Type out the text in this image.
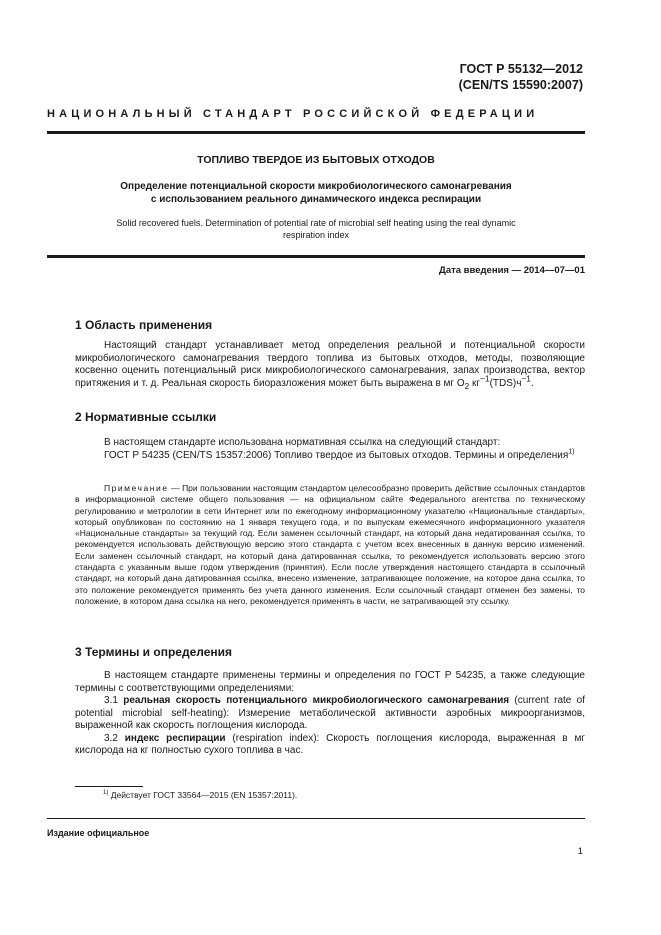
ГОСТ Р 55132—2012
(CEN/TS 15590:2007)
НАЦИОНАЛЬНЫЙ СТАНДАРТ РОССИЙСКОЙ ФЕДЕРАЦИИ
ТОПЛИВО ТВЕРДОЕ ИЗ БЫТОВЫХ ОТХОДОВ
Определение потенциальной скорости микробиологического самонагревания
с использованием реального динамического индекса респирации
Solid recovered fuels. Determination of potential rate of microbial self heating using the real dynamic
respiration index
Дата введения — 2014—07—01
1 Область применения

Настоящий стандарт устанавливает метод определения реальной и потенциальной скорости микробиологического самонагревания твердого топлива из бытовых отходов, методы, позволяющие косвенно оценить потенциальный риск микробиологического самонагревания, запах производства, вектор притяжения и т. д. Реальная скорость биоразложения может быть выражена в мг $O_2$ $кг^{-1}(TDS)ч^{-1}$.

2 Нормативные ссылки

В настоящем стандарте использована нормативная ссылка на следующий стандарт:

ГОСТ Р 54235 (CEN/TS 15357:2006) Топливо твердое из бытовых отходов. Термины и определения$^{1)}$

Примечание — При пользовании настоящим стандартом целесообразно проверить действие ссылочных стандартов в информационной системе общего пользования — на официальном сайте Федерального агентства по техническому регулированию и метрологии в сети Интернет или по ежегодному информационному указателю «Национальные стандарты», который опубликован по состоянию на 1 января текущего года, и по выпускам ежемесячного информационного указателя «Национальные стандарты» за текущий год. Если заменен ссылочный стандарт, на который дана недатированная ссылка, то рекомендуется использовать действующую версию этого стандарта с учетом всех внесенных в данную версию изменений. Если заменен ссылочный стандарт, на который дана датированная ссылка, то рекомендуется использовать версию этого стандарта с указанным выше годом утверждения (принятия). Если после утверждения настоящего стандарта в ссылочный стандарт, на который дана датированная ссылка, внесено изменение, затрагивающее положение, на которое дана ссылка, то это положение рекомендуется применять без учета данного изменения. Если ссылочный стандарт отменен без замены, то положение, в котором дана ссылка на него, рекомендуется применять в части, не затрагивающей эту ссылку.

3 Термины и определения

В настоящем стандарте применены термины и определения по ГОСТ Р 54235, а также следующие термины с соответствующими определениями:

3.1 реальная скорость потенциального микробиологического самонагревания (current rate of potential microbial self-heating): Измерение метаболической активности аэробных микроорганизмов, выраженной как скорость поглощения кислорода.

3.2 индекс респирации (respiration index): Скорость поглощения кислорода, выраженная в мг кислорода на кг полностью сухого топлива в час.

$^{1)}$ Действует ГОСТ 33564—2015 (EN 15357:2011).
Издание официальное
1
